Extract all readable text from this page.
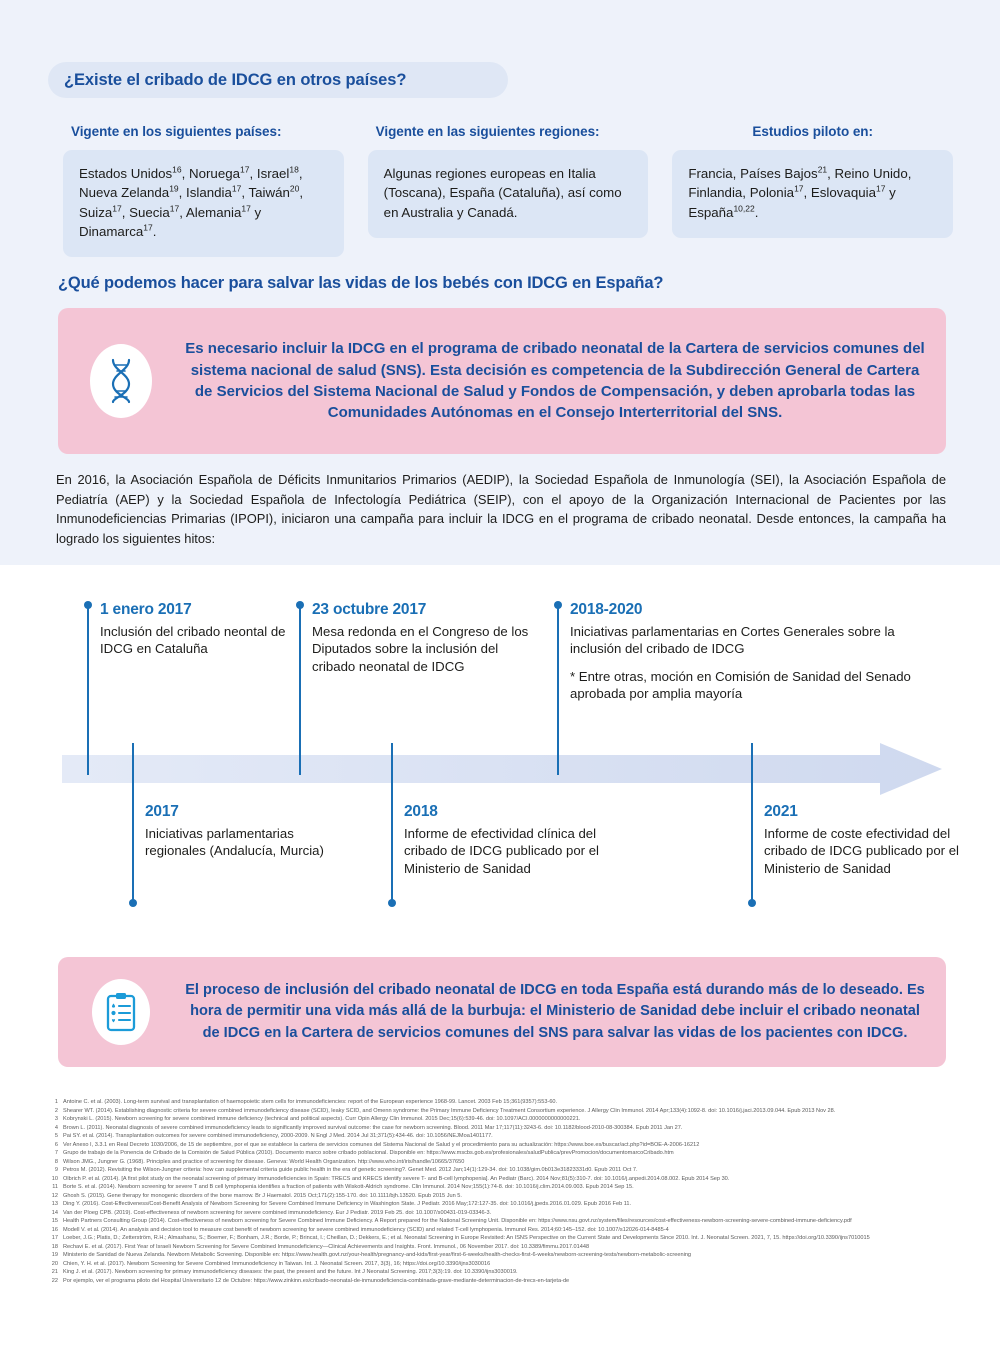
¿Existe el cribado de IDCG en otros países?
Vigente en los siguientes países:

Estados Unidos$^{16}$, Noruega$^{17}$, Israel$^{18}$, Nueva Zelanda$^{19}$, Islandia$^{17}$, Taiwán$^{20}$, Suiza$^{17}$, Suecia$^{17}$, Alemania$^{17}$ y Dinamarca$^{17}$.

Vigente en las siguientes regiones:

Algunas regiones europeas en Italia (Toscana), España (Cataluña), así como en Australia y Canadá.

Estudios piloto en:

Francia, Países Bajos$^{21}$, Reino Unido, Finlandia, Polonia$^{17}$, Eslovaquia$^{17}$ y España$^{10,22}$.

¿Qué podemos hacer para salvar las vidas de los bebés con IDCG en España?
Es necesario incluir la IDCG en el programa de cribado neonatal de la Cartera de servicios comunes del sistema nacional de salud (SNS). Esta decisión es competencia de la Subdirección General de Cartera de Servicios del Sistema Nacional de Salud y Fondos de Compensación, y deben aprobarla todas las Comunidades Autónomas en el Consejo Interterritorial del SNS.
En 2016, la Asociación Española de Déficits Inmunitarios Primarios (AEDIP), la Sociedad Española de Inmunología (SEI), la Asociación Española de Pediatría (AEP) y la Sociedad Española de Infectología Pediátrica (SEIP), con el apoyo de la Organización Internacional de Pacientes por las Inmunodeficiencias Primarias (IPOPI), iniciaron una campaña para incluir la IDCG en el programa de cribado neonatal. Desde entonces, la campaña ha logrado los siguientes hitos:

1 enero 2017

Inclusión del cribado neontal de IDCG en Cataluña

23 octubre 2017

Mesa redonda en el Congreso de los Diputados sobre la inclusión del cribado neonatal de IDCG

2018-2020

Iniciativas parlamentarias en Cortes Generales sobre la inclusión del cribado de IDCG

* Entre otras, moción en Comisión de Sanidad del Senado aprobada por amplia mayoría

2017

Iniciativas parlamentarias regionales (Andalucía, Murcia)

2018

Informe de efectividad clínica del cribado de IDCG publicado por el Ministerio de Sanidad

2021

Informe de coste efectividad del cribado de IDCG publicado por el Ministerio de Sanidad

El proceso de inclusión del cribado neonatal de IDCG en toda España está durando más de lo deseado. Es hora de permitir una vida más allá de la burbuja: el Ministerio de Sanidad debe incluir el cribado neonatal de IDCG en la Cartera de servicios comunes del SNS para salvar las vidas de los pacientes con IDCG.
1 Antoine C. et al. (2003). Long-term survival and transplantation of haemopoietic stem cells for immunodeficiencies: report of the European experience 1968-99. Lancet. 2003 Feb 15;361(9357):553-60.
2 Shearer WT. (2014). Establishing diagnostic criteria for severe combined immunodeficiency disease (SCID), leaky SCID, and Omenn syndrome: the Primary Immune Deficiency Treatment Consortium experience. J Allergy Clin Immunol. 2014 Apr;133(4):1092-8. doi: 10.1016/j.jaci.2013.09.044. Epub 2013 Nov 28.
3 Kobrynski L. (2015). Newborn screening for severe combined immune deficiency (technical and political aspects). Curr Opin Allergy Clin Immunol. 2015 Dec;15(6):539-46. doi: 10.1097/ACI.0000000000000221.
4 Brown L. (2011). Neonatal diagnosis of severe combined immunodeficiency leads to significantly improved survival outcome: the case for newborn screening. Blood. 2011 Mar 17;117(11):3243-6. doi: 10.1182/blood-2010-08-300384. Epub 2011 Jan 27.
5 Pai SY. et al. (2014). Transplantation outcomes for severe combined immunodeficiency, 2000-2009. N Engl J Med. 2014 Jul 31;371(5):434-46. doi: 10.1056/NEJMoa1401177.
6 Ver Anexo I, 3.3.1 en Real Decreto 1030/2006, de 15 de septiembre, por el que se establece la cartera de servicios comunes del Sistema Nacional de Salud y el procedimiento para su actualización: https://www.boe.es/buscar/act.php?id=BOE-A-2006-16212
7 Grupo de trabajo de la Ponencia de Cribado de la Comisión de Salud Pública (2010). Documento marco sobre cribado poblacional. Disponible en: https://www.mscbs.gob.es/profesionales/saludPublica/prevPromocion/documentomarcoCribado.htm
8 Wilson JMG., Jungner G. (1968). Principles and practice of screening for disease. Geneva: World Health Organization. http://www.who.int/iris/handle/10665/37650
9 Petros M. (2012). Revisiting the Wilson-Jungner criteria: how can supplemental criteria guide public health in the era of genetic screening?. Genet Med. 2012 Jan;14(1):129-34. doi: 10.1038/gim.0b013e31823331d0. Epub 2011 Oct 7.
10 Olbrich P. et al. (2014). [A first pilot study on the neonatal screening of primary immunodeficiencies in Spain: TRECS and KRECS identify severe T- and B-cell lymphopenia]. An Pediatr (Barc). 2014 Nov;81(5):310-7. doi: 10.1016/j.anpedi.2014.08.002. Epub 2014 Sep 30.
11 Borte S. et al. (2014). Newborn screening for severe T and B cell lymphopenia identifies a fraction of patients with Wiskott-Aldrich syndrome. Clin Immunol. 2014 Nov;155(1):74-8. doi: 10.1016/j.clim.2014.09.003. Epub 2014 Sep 15.
12 Ghosh S. (2015). Gene therapy for monogenic disorders of the bone marrow. Br J Haematol. 2015 Oct;171(2):155-170. doi: 10.1111/bjh.13520. Epub 2015 Jun 5.
13 Ding Y. (2016). Cost-Effectiveness/Cost-Benefit Analysis of Newborn Screening for Severe Combined Immune Deficiency in Washington State. J Pediatr. 2016 May;172:127-35. doi: 10.1016/j.jpeds.2016.01.029. Epub 2016 Feb 11.
14 Van der Ploeg CPB. (2019). Cost-effectiveness of newborn screening for severe combined immunodeficiency. Eur J Pediatr. 2019 Feb 25. doi: 10.1007/s00431-019-03346-3.
15 Health Partners Consulting Group (2014). Cost-effectiveness of newborn screening for Severe Combined Immune Deficiency. A Report prepared for the National Screening Unit. Disponible en: https://www.nsu.govt.nz/system/files/resources/cost-effectiveness-newborn-screening-severe-combined-immune-deficiency.pdf
16 Modell V. et al. (2014). An analysis and decision tool to measure cost benefit of newborn screening for severe combined immunodeficiency (SCID) and related T-cell lymphopenia. Immunol Res. 2014;60:145–152. doi: 10.1007/s12026-014-8485-4
17 Loeber, J.G.; Platis, D.; Zetterström, R.H.; Almashanu, S.; Boemer, F.; Bonham, J.R.; Borde, P.; Brincat, I.; Cheillan, D.; Dekkers, E.; et al. Neonatal Screening in Europe Revisited: An ISNS Perspective on the Current State and Developments Since 2010. Int. J. Neonatal Screen. 2021, 7, 15. https://doi.org/10.3390/ijns7010015
18 Rechavi E. et al. (2017). First Year of Israeli Newborn Screening for Severe Combined Immunodeficiency—Clinical Achievements and Insights. Front. Immunol., 06 November 2017. doi: 10.3389/fimmu.2017.01448
19 Ministerio de Sanidad de Nueva Zelanda. Newborn Metabolic Screening. Disponible en: https://www.health.govt.nz/your-health/pregnancy-and-kids/first-year/first-6-weeks/health-checks-first-6-weeks/newborn-screening-tests/newborn-metabolic-screening
20 Chien, Y. H. et al. (2017). Newborn Screening for Severe Combined Immunodeficiency in Taiwan. Int. J. Neonatal Screen. 2017, 3(3), 16; https://doi.org/10.3390/ijns3030016
21 King J. et al. (2017). Newborn screening for primary immunodeficiency diseases: the past, the present and the future. Int J Neonatal Screening. 2017;3(3):19. doi: 10.3390/ijns3030019.
22 Por ejemplo, ver el programa piloto del Hospital Universitario 12 de Octubre: https://www.zinkinn.es/cribado-neonatal-de-inmunodeficiencia-combinada-grave-mediante-determinacion-de-trecs-en-tarjeta-de
